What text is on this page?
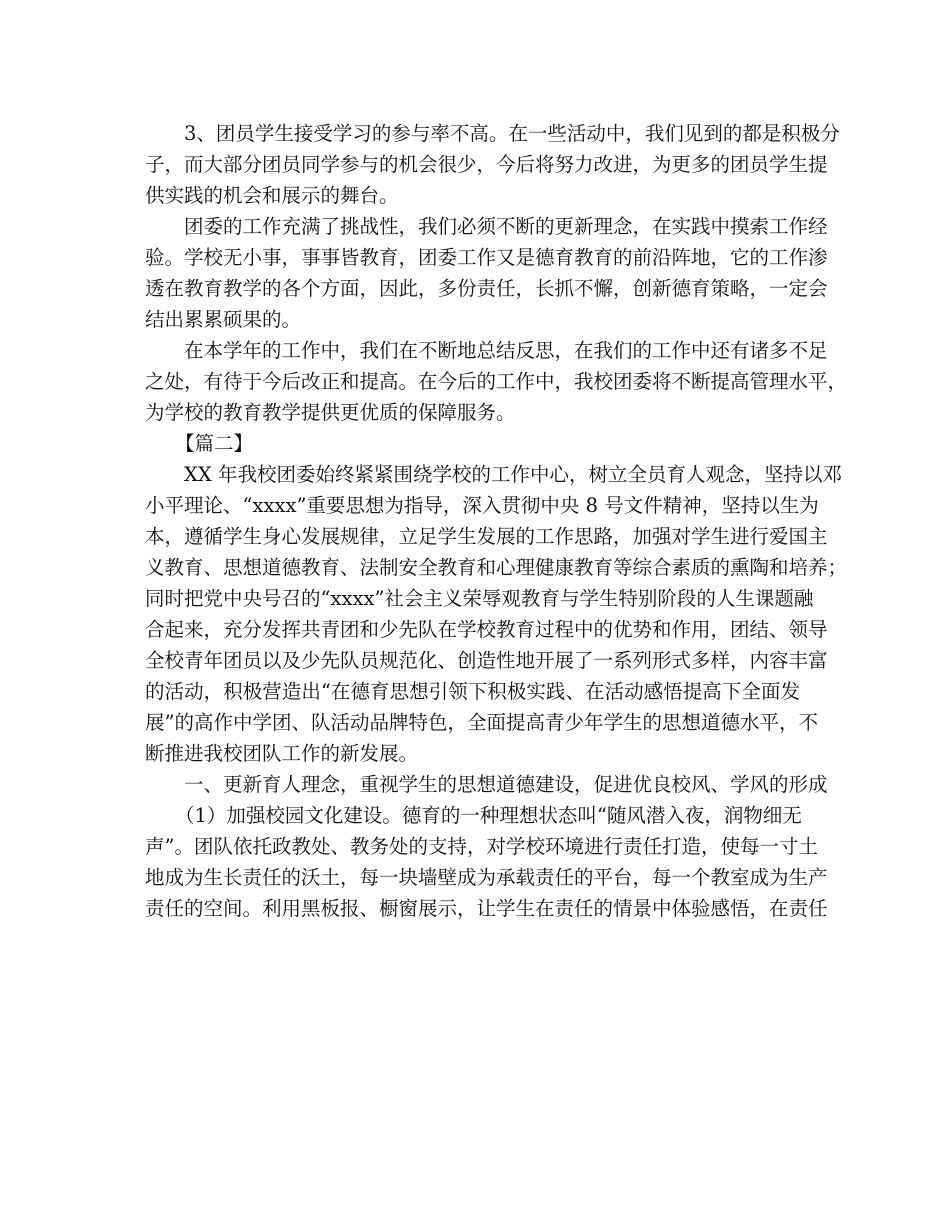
3、团员学生接受学习的参与率不高。在一些活动中，我们见到的都是积极分
子，而大部分团员同学参与的机会很少，今后将努力改进，为更多的团员学生提
供实践的机会和展示的舞台。

团委的工作充满了挑战性，我们必须不断的更新理念，在实践中摸索工作经
验。学校无小事，事事皆教育，团委工作又是德育教育的前沿阵地，它的工作渗
透在教育教学的各个方面，因此，多份责任，长抓不懈，创新德育策略，一定会
结出累累硕果的。

在本学年的工作中，我们在不断地总结反思，在我们的工作中还有诸多不足
之处，有待于今后改正和提高。在今后的工作中，我校团委将不断提高管理水平，
为学校的教育教学提供更优质的保障服务。

【篇二】

XX 年我校团委始终紧紧围绕学校的工作中心，树立全员育人观念，坚持以邓
小平理论、“xxxx”重要思想为指导，深入贯彻中央 8 号文件精神，坚持以生为
本，遵循学生身心发展规律，立足学生发展的工作思路，加强对学生进行爱国主
义教育、思想道德教育、法制安全教育和心理健康教育等综合素质的熏陶和培养；
同时把党中央号召的“xxxx”社会主义荣辱观教育与学生特别阶段的人生课题融
合起来，充分发挥共青团和少先队在学校教育过程中的优势和作用，团结、领导
全校青年团员以及少先队员规范化、创造性地开展了一系列形式多样，内容丰富
的活动，积极营造出“在德育思想引领下积极实践、在活动感悟提高下全面发
展”的高作中学团、队活动品牌特色，全面提高青少年学生的思想道德水平，不
断推进我校团队工作的新发展。

一、更新育人理念，重视学生的思想道德建设，促进优良校风、学风的形成

（1）加强校园文化建设。德育的一种理想状态叫“随风潜入夜，润物细无
声”。团队依托政教处、教务处的支持，对学校环境进行责任打造，使每一寸土
地成为生长责任的沃土，每一块墙壁成为承载责任的平台，每一个教室成为生产
责任的空间。利用黑板报、橱窗展示，让学生在责任的情景中体验感悟，在责任
